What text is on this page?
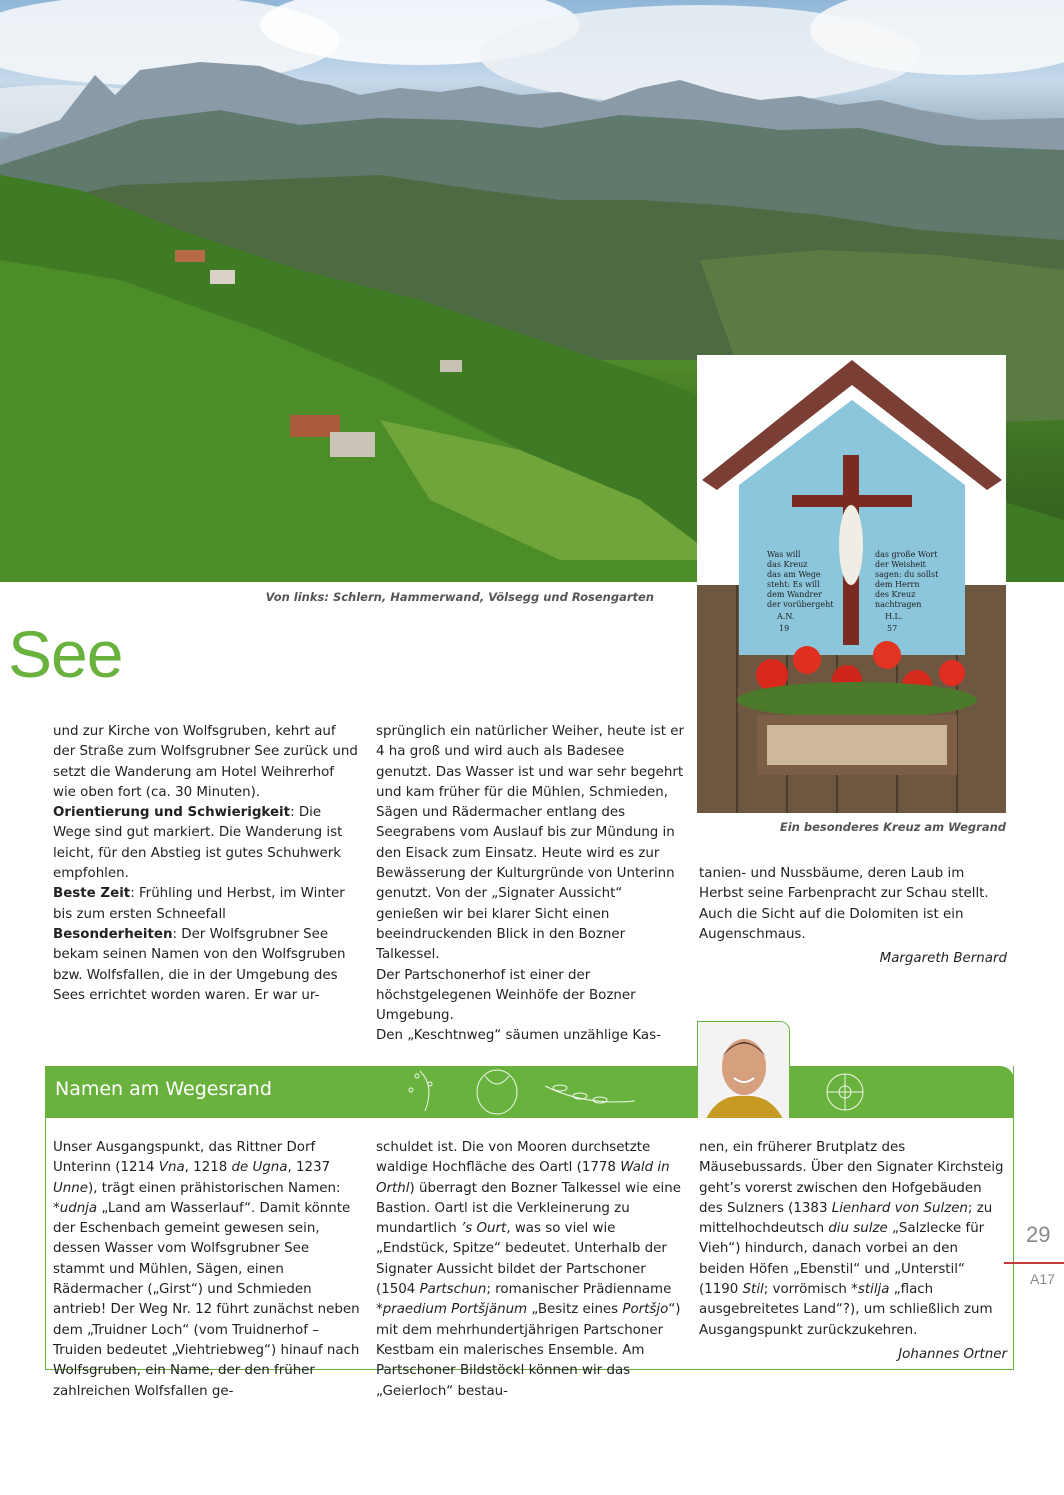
Von links: Schlern, Hammerwand, Völsegg und Rosengarten
Was will das Kreuz das am Wege steht: Es will dem Wandrer der vorübergeht A.N. 19
das große Wort der Weisheit sagen: du sollst dem Herrn des Kreuz nachtragen H.L. 57
Ein besonderes Kreuz am Wegrand
See

und zur Kirche von Wolfsgruben, kehrt auf der Straße zum Wolfsgrubner See zurück und setzt die Wanderung am Hotel Weihrerhof wie oben fort (ca. 30 Minuten).

Orientierung und Schwierigkeit: Die Wege sind gut markiert. Die Wanderung ist leicht, für den Abstieg ist gutes Schuhwerk empfohlen.

Beste Zeit: Frühling und Herbst, im Winter bis zum ersten Schneefall

Besonderheiten: Der Wolfsgrubner See bekam seinen Namen von den Wolfsgruben bzw. Wolfsfallen, die in der Umgebung des Sees errichtet worden waren. Er war ur-

sprünglich ein natürlicher Weiher, heute ist er 4 ha groß und wird auch als Badesee genutzt. Das Wasser ist und war sehr begehrt und kam früher für die Mühlen, Schmieden, Sägen und Rädermacher entlang des Seegrabens vom Auslauf bis zur Mündung in den Eisack zum Einsatz. Heute wird es zur Bewässerung der Kulturgründe von Unterinn genutzt. Von der „Signater Aussicht“ genießen wir bei klarer Sicht einen beeindruckenden Blick in den Bozner Talkessel.

Der Partschonerhof ist einer der höchstgelegenen Weinhöfe der Bozner Umgebung.

Den „Keschtnweg“ säumen unzählige Kas-

tanien- und Nussbäume, deren Laub im Herbst seine Farbenpracht zur Schau stellt. Auch die Sicht auf die Dolomiten ist ein Augenschmaus.

Margareth Bernard

Namen am Wegesrand
Unser Ausgangspunkt, das Rittner Dorf Unterinn (1214 Vna, 1218 de Ugna, 1237 Unne), trägt einen prähistorischen Namen: *udnja „Land am Wasserlauf“. Damit könnte der Eschenbach gemeint gewesen sein, dessen Wasser vom Wolfsgrubner See stammt und Mühlen, Sägen, einen Rädermacher („Girst“) und Schmieden antrieb! Der Weg Nr. 12 führt zunächst neben dem „Truidner Loch“ (vom Truidnerhof – Truiden bedeutet „Viehtriebweg“) hinauf nach Wolfsgruben, ein Name, der den früher zahlreichen Wolfsfallen ge-
schuldet ist. Die von Mooren durchsetzte waldige Hochfläche des Oartl (1778 Wald in Orthl) überragt den Bozner Talkessel wie eine Bastion. Oartl ist die Verkleinerung zu mundartlich ’s Ourt, was so viel wie „Endstück, Spitze“ bedeutet. Unterhalb der Signater Aussicht bildet der Partschoner (1504 Partschun; romanischer Prädienname *praedium Portšjänum „Besitz eines Portšjo“) mit dem mehrhundertjährigen Partschoner Kestbam ein malerisches Ensemble. Am Partschoner Bildstöckl können wir das „Geierloch“ bestau-

nen, ein früherer Brutplatz des Mäusebussards. Über den Signater Kirchsteig geht’s vorerst zwischen den Hofgebäuden des Sulzners (1383 Lienhard von Sulzen; zu mittelhochdeutsch diu sulze „Salzlecke für Vieh“) hindurch, danach vorbei an den beiden Höfen „Ebenstil“ und „Unterstil“ (1190 Stil; vorrömisch *stilja „flach ausgebreitetes Land“?), um schließlich zum Ausgangspunkt zurückzukehren.

Johannes Ortner

29
A17
